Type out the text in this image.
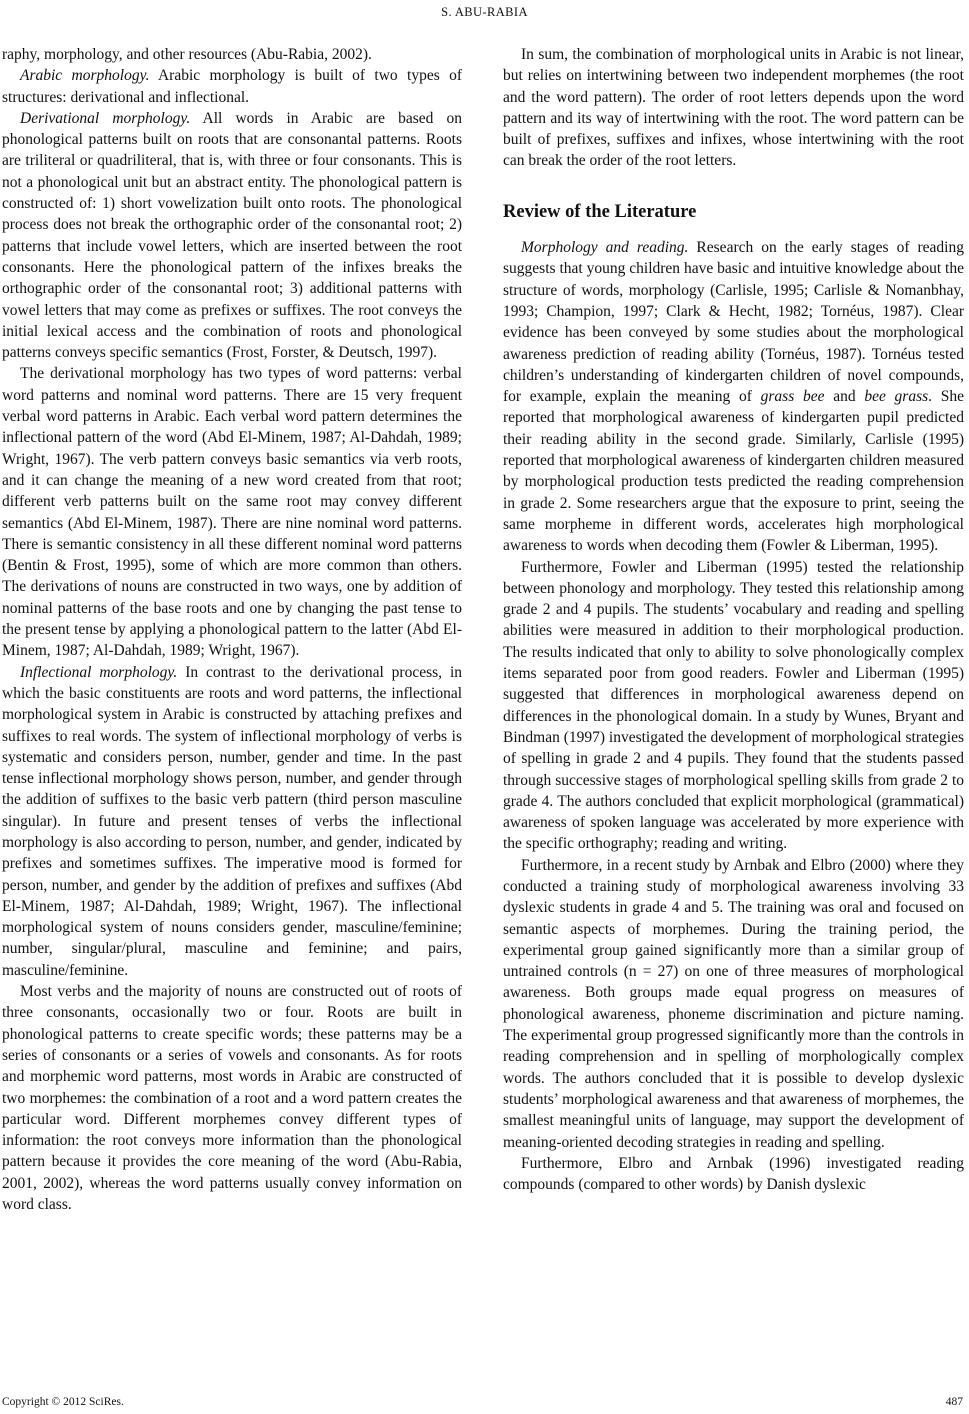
S. ABU-RABIA

raphy, morphology, and other resources (Abu-Rabia, 2002).

Arabic morphology. Arabic morphology is built of two types of structures: derivational and inflectional.

Derivational morphology. All words in Arabic are based on phonological patterns built on roots that are consonantal patterns. Roots are triliteral or quadriliteral, that is, with three or four consonants. This is not a phonological unit but an abstract entity. The phonological pattern is constructed of: 1) short vowelization built onto roots. The phonological process does not break the orthographic order of the consonantal root; 2) patterns that include vowel letters, which are inserted between the root consonants. Here the phonological pattern of the infixes breaks the orthographic order of the consonantal root; 3) additional patterns with vowel letters that may come as prefixes or suffixes. The root conveys the initial lexical access and the combination of roots and phonological patterns conveys specific semantics (Frost, Forster, & Deutsch, 1997).

The derivational morphology has two types of word patterns: verbal word patterns and nominal word patterns. There are 15 very frequent verbal word patterns in Arabic. Each verbal word pattern determines the inflectional pattern of the word (Abd El-Minem, 1987; Al-Dahdah, 1989; Wright, 1967). The verb pattern conveys basic semantics via verb roots, and it can change the meaning of a new word created from that root; different verb patterns built on the same root may convey different semantics (Abd El-Minem, 1987). There are nine nominal word patterns. There is semantic consistency in all these different nominal word patterns (Bentin & Frost, 1995), some of which are more common than others. The derivations of nouns are constructed in two ways, one by addition of nominal patterns of the base roots and one by changing the past tense to the present tense by applying a phonological pattern to the latter (Abd El-Minem, 1987; Al-Dahdah, 1989; Wright, 1967).

Inflectional morphology. In contrast to the derivational process, in which the basic constituents are roots and word patterns, the inflectional morphological system in Arabic is constructed by attaching prefixes and suffixes to real words. The system of inflectional morphology of verbs is systematic and considers person, number, gender and time. In the past tense inflectional morphology shows person, number, and gender through the addition of suffixes to the basic verb pattern (third person masculine singular). In future and present tenses of verbs the inflectional morphology is also according to person, number, and gender, indicated by prefixes and sometimes suffixes. The imperative mood is formed for person, number, and gender by the addition of prefixes and suffixes (Abd El-Minem, 1987; Al-Dahdah, 1989; Wright, 1967). The inflectional morphological system of nouns considers gender, masculine/feminine; number, singular/plural, masculine and feminine; and pairs, masculine/feminine.

Most verbs and the majority of nouns are constructed out of roots of three consonants, occasionally two or four. Roots are built in phonological patterns to create specific words; these patterns may be a series of consonants or a series of vowels and consonants. As for roots and morphemic word patterns, most words in Arabic are constructed of two morphemes: the combination of a root and a word pattern creates the particular word. Different morphemes convey different types of information: the root conveys more information than the phonological pattern because it provides the core meaning of the word (Abu-Rabia, 2001, 2002), whereas the word patterns usually convey information on word class.

In sum, the combination of morphological units in Arabic is not linear, but relies on intertwining between two independent morphemes (the root and the word pattern). The order of root letters depends upon the word pattern and its way of intertwining with the root. The word pattern can be built of prefixes, suffixes and infixes, whose intertwining with the root can break the order of the root letters.

Review of the Literature

Morphology and reading. Research on the early stages of reading suggests that young children have basic and intuitive knowledge about the structure of words, morphology (Carlisle, 1995; Carlisle & Nomanbhay, 1993; Champion, 1997; Clark & Hecht, 1982; Tornéus, 1987). Clear evidence has been conveyed by some studies about the morphological awareness prediction of reading ability (Tornéus, 1987). Tornéus tested children’s understanding of kindergarten children of novel compounds, for example, explain the meaning of grass bee and bee grass. She reported that morphological awareness of kindergarten pupil predicted their reading ability in the second grade. Similarly, Carlisle (1995) reported that morphological awareness of kindergarten children measured by morphological production tests predicted the reading comprehension in grade 2. Some researchers argue that the exposure to print, seeing the same morpheme in different words, accelerates high morphological awareness to words when decoding them (Fowler & Liberman, 1995).

Furthermore, Fowler and Liberman (1995) tested the relationship between phonology and morphology. They tested this relationship among grade 2 and 4 pupils. The students’ vocabulary and reading and spelling abilities were measured in addition to their morphological production. The results indicated that only to ability to solve phonologically complex items separated poor from good readers. Fowler and Liberman (1995) suggested that differences in morphological awareness depend on differences in the phonological domain. In a study by Wunes, Bryant and Bindman (1997) investigated the development of morphological strategies of spelling in grade 2 and 4 pupils. They found that the students passed through successive stages of morphological spelling skills from grade 2 to grade 4. The authors concluded that explicit morphological (grammatical) awareness of spoken language was accelerated by more experience with the specific orthography; reading and writing.

Furthermore, in a recent study by Arnbak and Elbro (2000) where they conducted a training study of morphological awareness involving 33 dyslexic students in grade 4 and 5. The training was oral and focused on semantic aspects of morphemes. During the training period, the experimental group gained significantly more than a similar group of untrained controls (n = 27) on one of three measures of morphological awareness. Both groups made equal progress on measures of phonological awareness, phoneme discrimination and picture naming. The experimental group progressed significantly more than the controls in reading comprehension and in spelling of morphologically complex words. The authors concluded that it is possible to develop dyslexic students’ morphological awareness and that awareness of morphemes, the smallest meaningful units of language, may support the development of meaning-oriented decoding strategies in reading and spelling.

Furthermore, Elbro and Arnbak (1996) investigated reading compounds (compared to other words) by Danish dyslexic

Copyright © 2012 SciRes.	487
